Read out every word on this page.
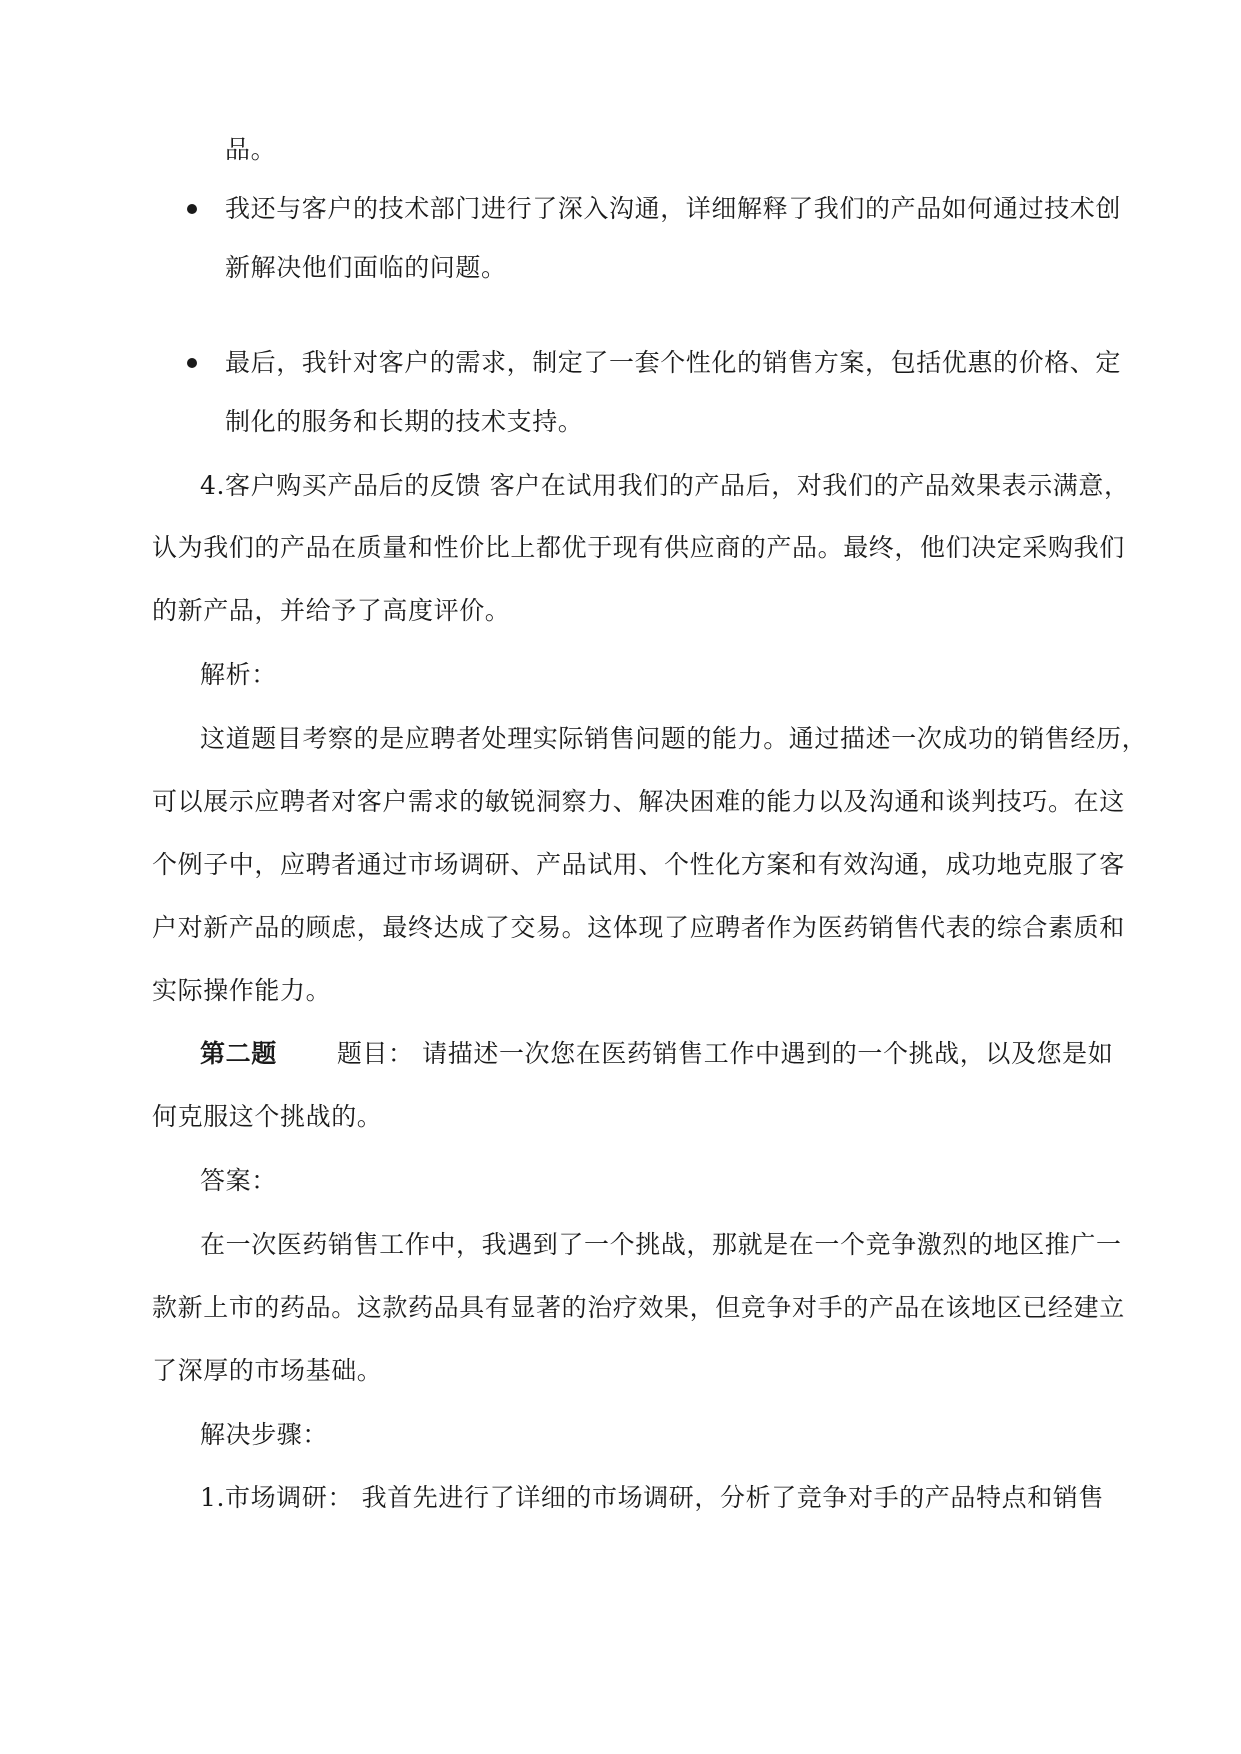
品。
我还与客户的技术部门进行了深入沟通，详细解释了我们的产品如何通过技术创
新解决他们面临的问题。
最后，我针对客户的需求，制定了一套个性化的销售方案，包括优惠的价格、定
制化的服务和长期的技术支持。
4.客户购买产品后的反馈 客户在试用我们的产品后，对我们的产品效果表示满意，
认为我们的产品在质量和性价比上都优于现有供应商的产品。最终，他们决定采购我们
的新产品，并给予了高度评价。
解析：
这道题目考察的是应聘者处理实际销售问题的能力。通过描述一次成功的销售经历，
可以展示应聘者对客户需求的敏锐洞察力、解决困难的能力以及沟通和谈判技巧。在这
个例子中，应聘者通过市场调研、产品试用、个性化方案和有效沟通，成功地克服了客
户对新产品的顾虑，最终达成了交易。这体现了应聘者作为医药销售代表的综合素质和
实际操作能力。
第二题 题目： 请描述一次您在医药销售工作中遇到的一个挑战，以及您是如
何克服这个挑战的。
答案：
在一次医药销售工作中，我遇到了一个挑战，那就是在一个竞争激烈的地区推广一
款新上市的药品。这款药品具有显著的治疗效果，但竞争对手的产品在该地区已经建立
了深厚的市场基础。
解决步骤：
1.市场调研： 我首先进行了详细的市场调研，分析了竞争对手的产品特点和销售
